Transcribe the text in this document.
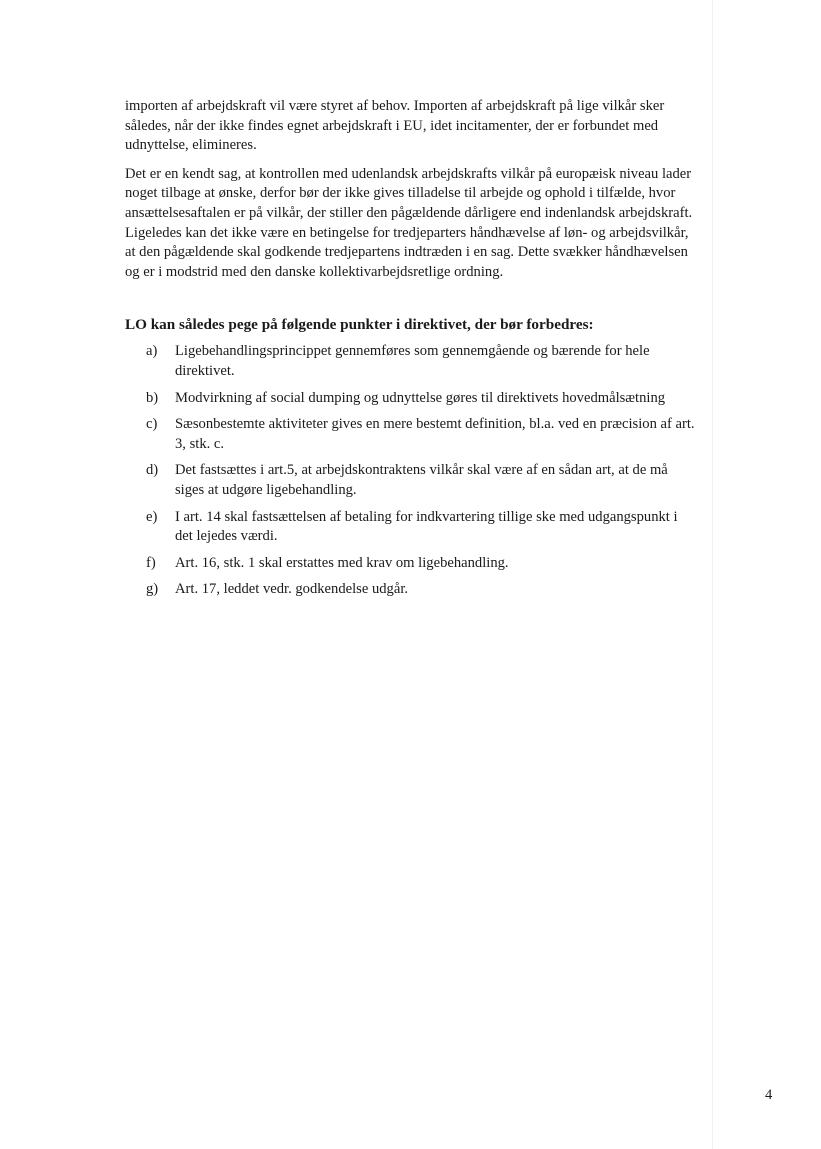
importen af arbejdskraft vil være styret af behov. Importen af arbejdskraft på lige vilkår sker således, når der ikke findes egnet arbejdskraft i EU, idet incitamenter, der er forbundet med udnyttelse, elimineres.

Det er en kendt sag, at kontrollen med udenlandsk arbejdskrafts vilkår på europæisk niveau lader noget tilbage at ønske, derfor bør der ikke gives tilladelse til arbejde og ophold i tilfælde, hvor ansættelsesaftalen er på vilkår, der stiller den pågældende dårligere end indenlandsk arbejdskraft. Ligeledes kan det ikke være en betingelse for tredjeparters håndhævelse af løn- og arbejdsvilkår, at den pågældende skal godkende tredjepartens indtræden i en sag. Dette svækker håndhævelsen og er i modstrid med den danske kollektivarbejdsretlige ordning.

LO kan således pege på følgende punkter i direktivet, der bør forbedres:

a) Ligebehandlingsprincippet gennemføres som gennemgående og bærende for hele direktivet.
b) Modvirkning af social dumping og udnyttelse gøres til direktivets hovedmålsætning
c) Sæsonbestemte aktiviteter gives en mere bestemt definition, bl.a. ved en præcision af art. 3, stk. c.
d) Det fastsættes i art.5, at arbejdskontraktens vilkår skal være af en sådan art, at de må siges at udgøre ligebehandling.
e) I art. 14 skal fastsættelsen af betaling for indkvartering tillige ske med udgangspunkt i det lejedes værdi.
f) Art. 16, stk. 1 skal erstattes med krav om ligebehandling.
g) Art. 17, leddet vedr. godkendelse udgår.
4
